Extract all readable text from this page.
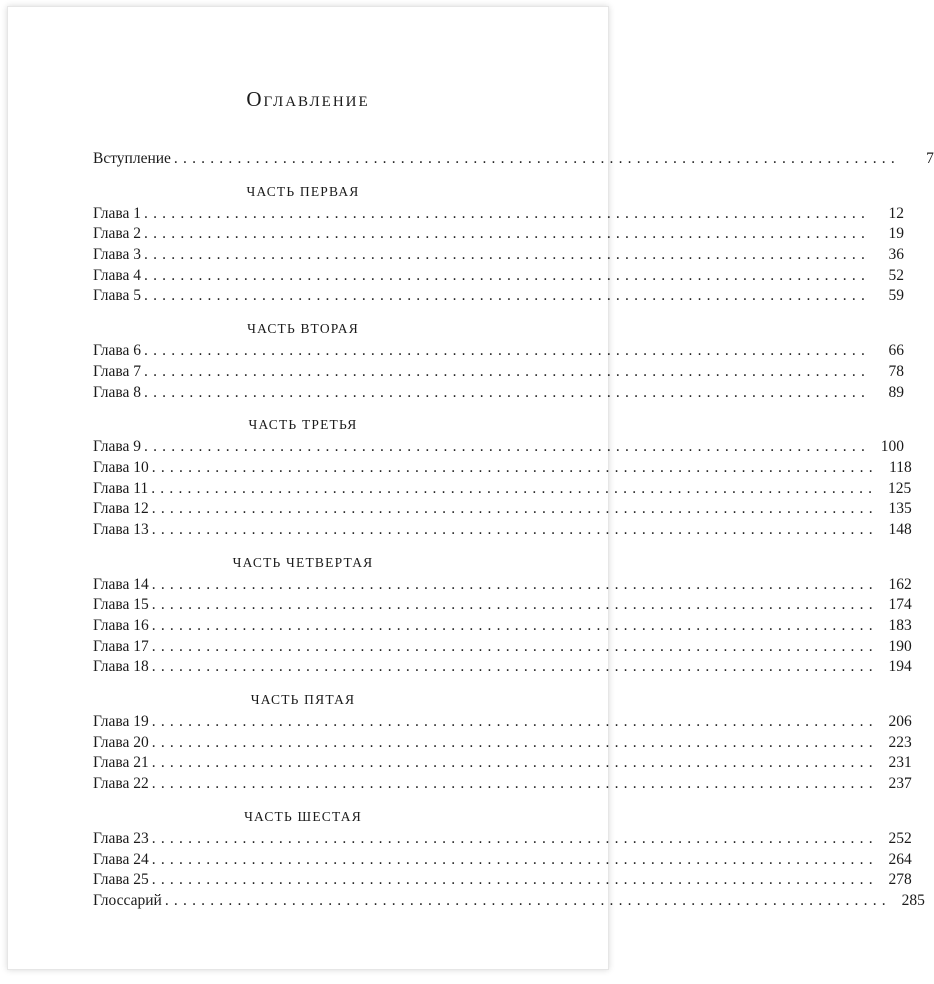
Оглавление
Вступление ................................................................................	7
ЧАСТЬ ПЕРВАЯ
Глава 1 ................................................................................	12
Глава 2 ................................................................................	19
Глава 3 ................................................................................	36
Глава 4 ................................................................................	52
Глава 5 ................................................................................	59
ЧАСТЬ ВТОРАЯ
Глава 6 ................................................................................	66
Глава 7 ................................................................................	78
Глава 8 ................................................................................	89
ЧАСТЬ ТРЕТЬЯ
Глава 9 ................................................................................ 100
Глава 10 ................................................................................ 118
Глава 11 ................................................................................ 125
Глава 12 ................................................................................ 135
Глава 13 ................................................................................ 148
ЧАСТЬ ЧЕТВЕРТАЯ
Глава 14 ................................................................................ 162
Глава 15 ................................................................................ 174
Глава 16 ................................................................................ 183
Глава 17 ................................................................................ 190
Глава 18 ................................................................................ 194
ЧАСТЬ ПЯТАЯ
Глава 19 ................................................................................ 206
Глава 20 ................................................................................ 223
Глава 21 ................................................................................ 231
Глава 22 ................................................................................ 237
ЧАСТЬ ШЕСТАЯ
Глава 23 ................................................................................ 252
Глава 24 ................................................................................ 264
Глава 25 ................................................................................ 278
Глоссарий ................................................................................ 285
